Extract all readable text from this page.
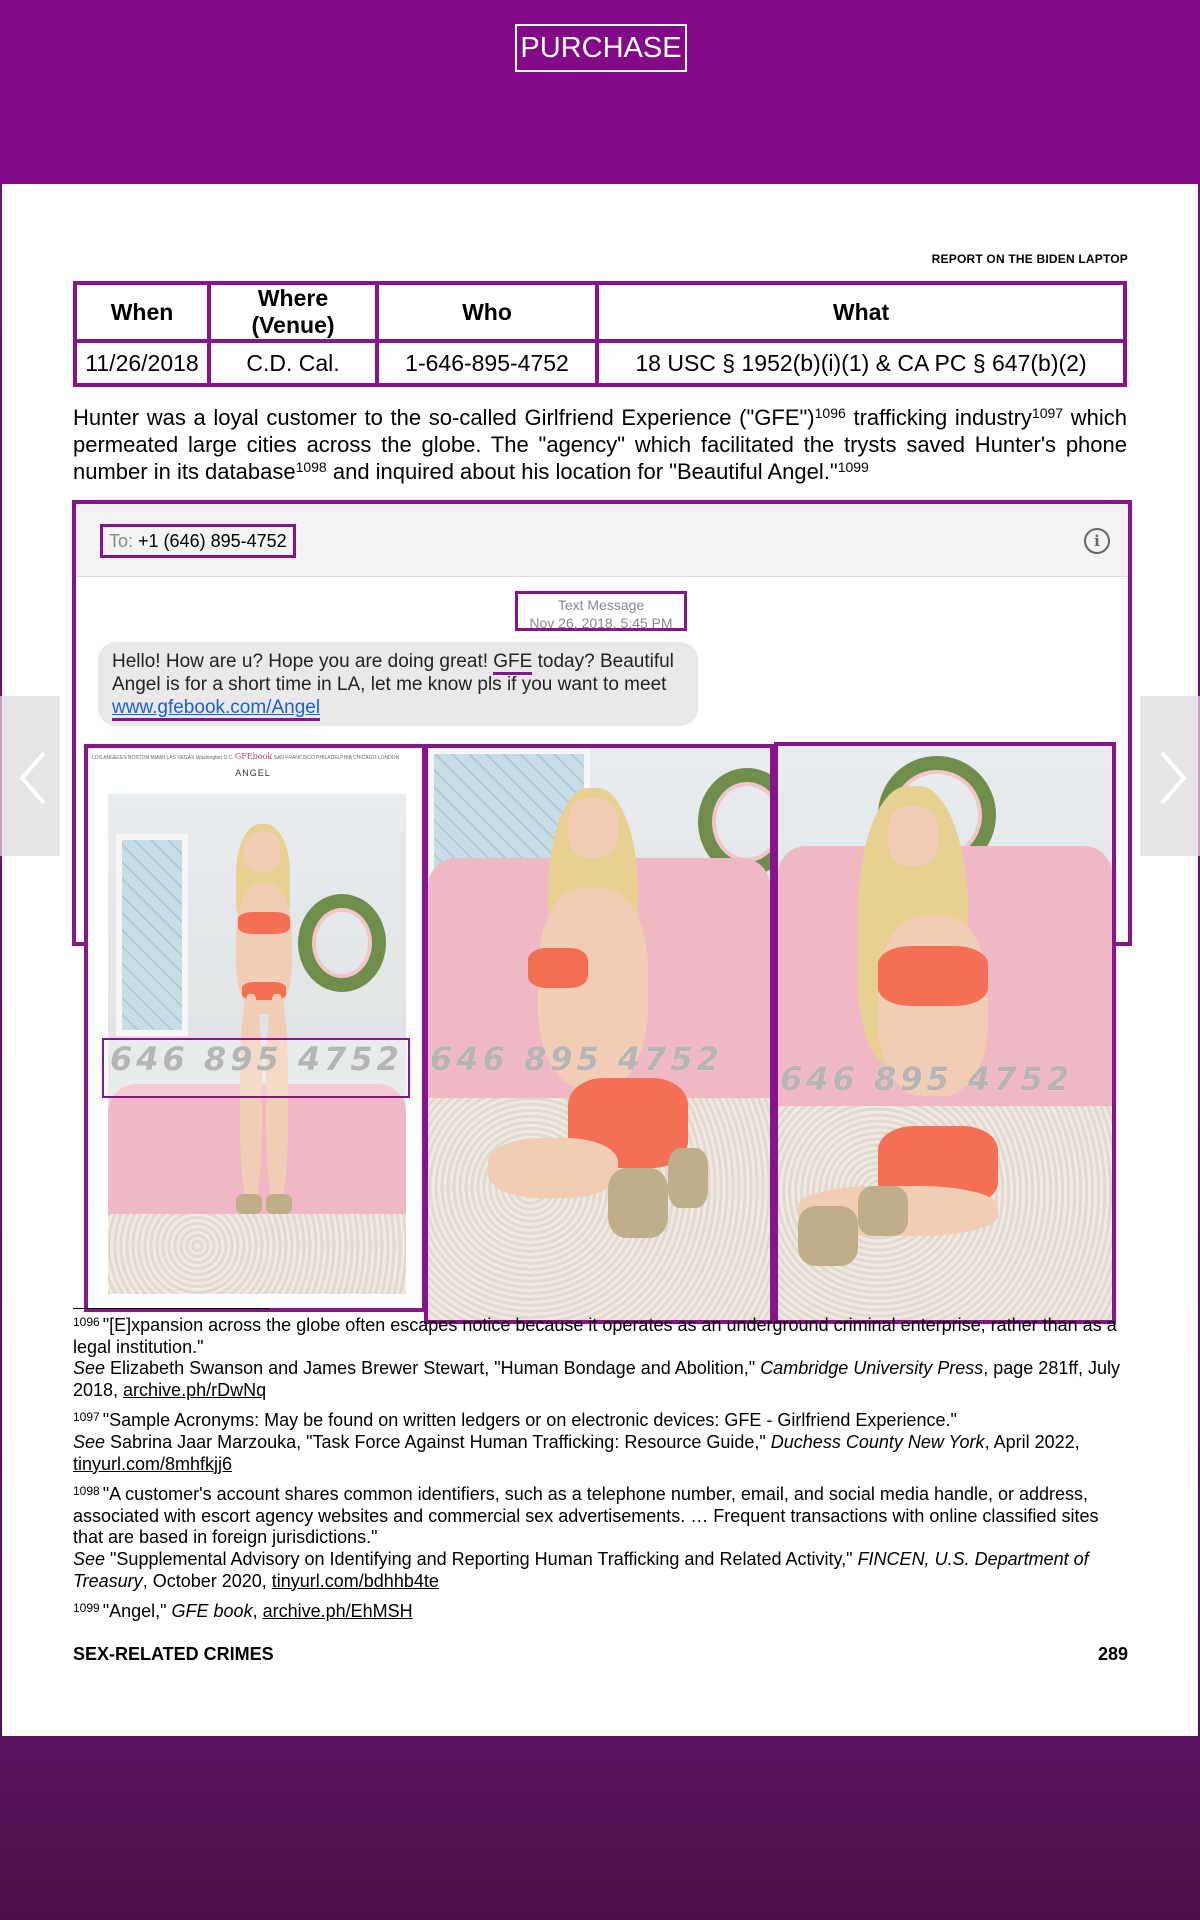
PURCHASE
REPORT ON THE BIDEN LAPTOP
When	Where (Venue)	Who	What
11/26/2018	C.D. Cal.	1-646-895-4752	18 USC § 1952(b)(i)(1) & CA PC § 647(b)(2)
Hunter was a loyal customer to the so-called Girlfriend Experience ("GFE")$^{1096}$ trafficking industry$^{1097}$ which permeated large cities across the globe. The "agency" which facilitated the trysts saved Hunter's phone number in its database$^{1098}$ and inquired about his location for "Beautiful Angel."$^{1099}$
To: +1 (646) 895-4752	i
Text Message
Nov 26, 2018, 5:45 PM
Hello! How are u? Hope you are doing great! GFE today? Beautiful Angel is for a short time in LA, let me know pls if you want to meet
www.gfebook.com/Angel
LOS ANGELES BOSTON MIAMI LAS VEGAS Washington D.C. GFEbook SAN FRANCISCO PHILADELPHIA CHICAGO LONDON
ANGEL
646 895 4752 646 895 4752
646 895 4752
$^{1096}$ "[E]xpansion across the globe often escapes notice because it operates as an underground criminal enterprise, rather than as a legal institution."
See Elizabeth Swanson and James Brewer Stewart, "Human Bondage and Abolition," Cambridge University Press, page 281ff, July 2018, archive.ph/rDwNq
$^{1097}$ "Sample Acronyms: May be found on written ledgers or on electronic devices: GFE - Girlfriend Experience."
See Sabrina Jaar Marzouka, "Task Force Against Human Trafficking: Resource Guide," Duchess County New York, April 2022, tinyurl.com/8mhfkjj6
$^{1098}$ "A customer's account shares common identifiers, such as a telephone number, email, and social media handle, or address, associated with escort agency websites and commercial sex advertisements. … Frequent transactions with online classified sites that are based in foreign jurisdictions."
See "Supplemental Advisory on Identifying and Reporting Human Trafficking and Related Activity," FINCEN, U.S. Department of Treasury, October 2020, tinyurl.com/bdhhb4te
$^{1099}$ "Angel," GFE book, archive.ph/EhMSH
SEX-RELATED CRIMES	289
